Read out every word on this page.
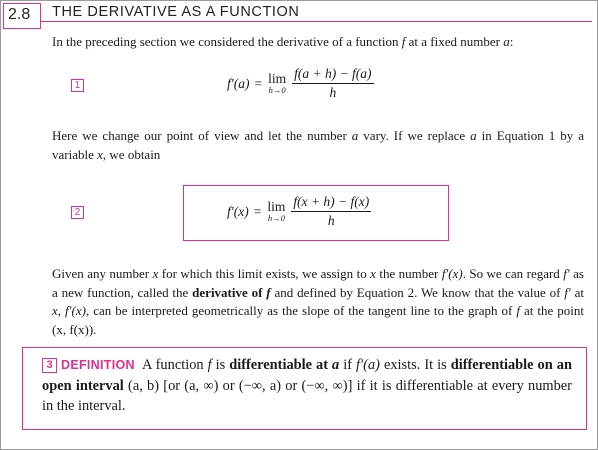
2.8	THE DERIVATIVE AS A FUNCTION
In the preceding section we considered the derivative of a function f at a fixed number a:
1	f′(a) = lim
$h\to 0 \frac{f(a + h) - f(a)}{h}$
Here we change our point of view and let the number a vary. If we replace a in Equation 1 by a variable x, we obtain
2	f′(x) = lim
$h\to 0 \frac{f(x + h) - f(x)}{h}$
Given any number x for which this limit exists, we assign to x the number f′(x). So we can regard f′ as a new function, called the derivative of f and defined by Equation 2. We know that the value of f′ at x, f′(x), can be interpreted geometrically as the slope of the tangent line to the graph of f at the point (x, f(x)).
3 DEFINITION A function f is differentiable at a if f′(a) exists. It is differentiable on an open interval (a, b) [or (a, ∞) or (−∞, a) or (−∞, ∞)] if it is differentiable at every number in the interval.
